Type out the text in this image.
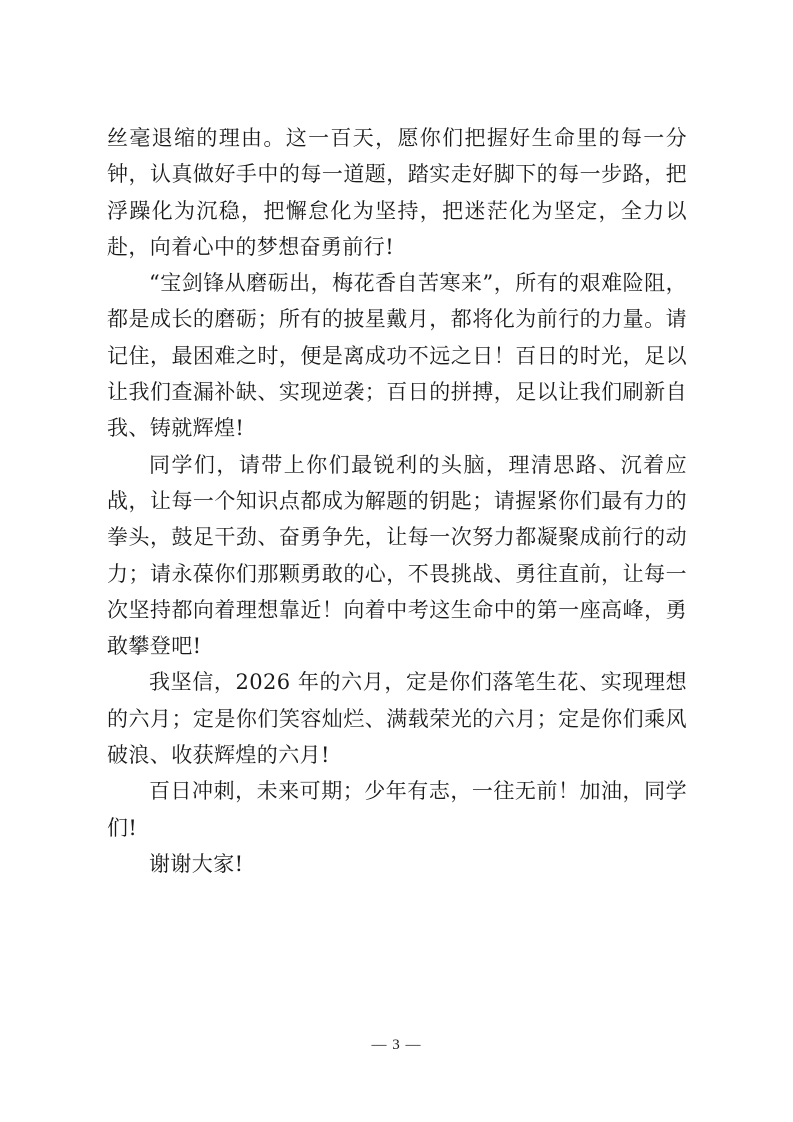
丝毫退缩的理由。这一百天，愿你们把握好生命里的每一分钟，认真做好手中的每一道题，踏实走好脚下的每一步路，把浮躁化为沉稳，把懈怠化为坚持，把迷茫化为坚定，全力以赴，向着心中的梦想奋勇前行!

“宝剑锋从磨砺出，梅花香自苦寒来”，所有的艰难险阻，都是成长的磨砺；所有的披星戴月，都将化为前行的力量。请记住，最困难之时，便是离成功不远之日！百日的时光，足以让我们查漏补缺、实现逆袭；百日的拼搏，足以让我们刷新自我、铸就辉煌!

同学们，请带上你们最锐利的头脑，理清思路、沉着应战，让每一个知识点都成为解题的钥匙；请握紧你们最有力的拳头，鼓足干劲、奋勇争先，让每一次努力都凝聚成前行的动力；请永葆你们那颗勇敢的心，不畏挑战、勇往直前，让每一次坚持都向着理想靠近！向着中考这生命中的第一座高峰，勇敢攀登吧!

我坚信，2026 年的六月，定是你们落笔生花、实现理想的六月；定是你们笑容灿烂、满载荣光的六月；定是你们乘风破浪、收获辉煌的六月!

百日冲刺，未来可期；少年有志，一往无前！加油，同学们!

谢谢大家!

— 3 —
